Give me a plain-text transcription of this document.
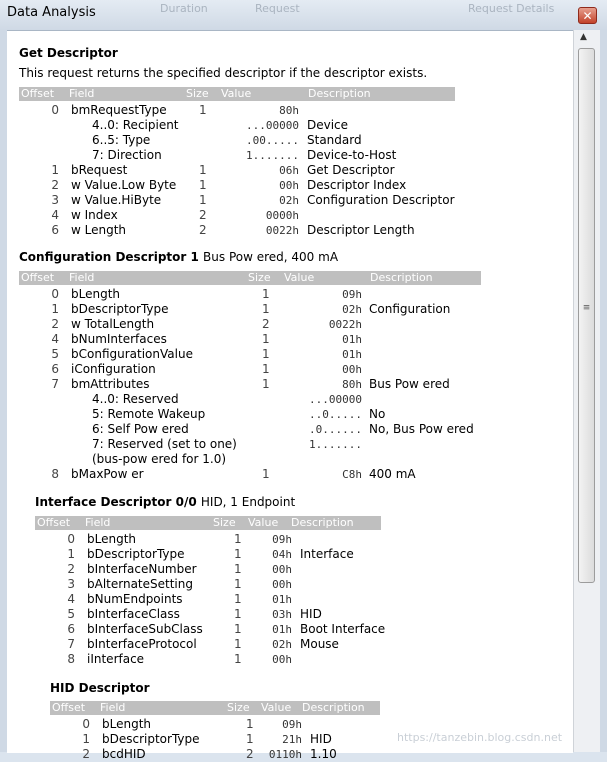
Duration	Request	Request Details
Data Analysis	✕
Get Descriptor
This request returns the specified descriptor if the descriptor exists.
Offset Field	Size Value	Description
0 bmRequestType	1	80h
4..0: Recipient	...00000 Device
6..5: Type	.00..... Standard
7: Direction	1....... Device-to-Host
1 bRequest	1	06h Get Descriptor
2 w Value.Low Byte 1	00h Descriptor Index
3 w Value.HiByte	1	02h Configuration Descriptor
4 w Index	2	0000h
6 w Length	2	0022h Descriptor Length
Configuration Descriptor 1 Bus Pow ered, 400 mA
Offset Field	Size Value	Description
0 bLength	1	09h
1 bDescriptorType	1	02h Configuration
2 w TotalLength	2	0022h
4 bNumInterfaces	1	01h
5 bConfigurationValue	1	01h
6 iConfiguration	1	00h
7 bmAttributes	1	80h Bus Pow ered
4..0: Reserved	...00000
5: Remote Wakeup	..0..... No
6: Self Pow ered	.0...... No, Bus Pow ered
7: Reserved (set to one)	1.......
(bus-pow ered for 1.0)
8 bMaxPow er	1	C8h 400 mA
Interface Descriptor 0/0 HID, 1 Endpoint
Offset Field	Size Value Description
0 bLength	1	09h
1 bDescriptorType	1	04h Interface
2 bInterfaceNumber	1	00h
3 bAlternateSetting	1	00h
4 bNumEndpoints	1	01h
5 bInterfaceClass	1	03h HID
6 bInterfaceSubClass	1	01h Boot Interface
7 bInterfaceProtocol	1	02h Mouse
8 iInterface	1	00h
HID Descriptor
Offset Field	Size Value Description
0 bLength	1	09h
1 bDescriptorType	1	21h HID
2 bcdHID	2	0110h 1.10
https://tanzebin.blog.csdn.net
▲
≡
